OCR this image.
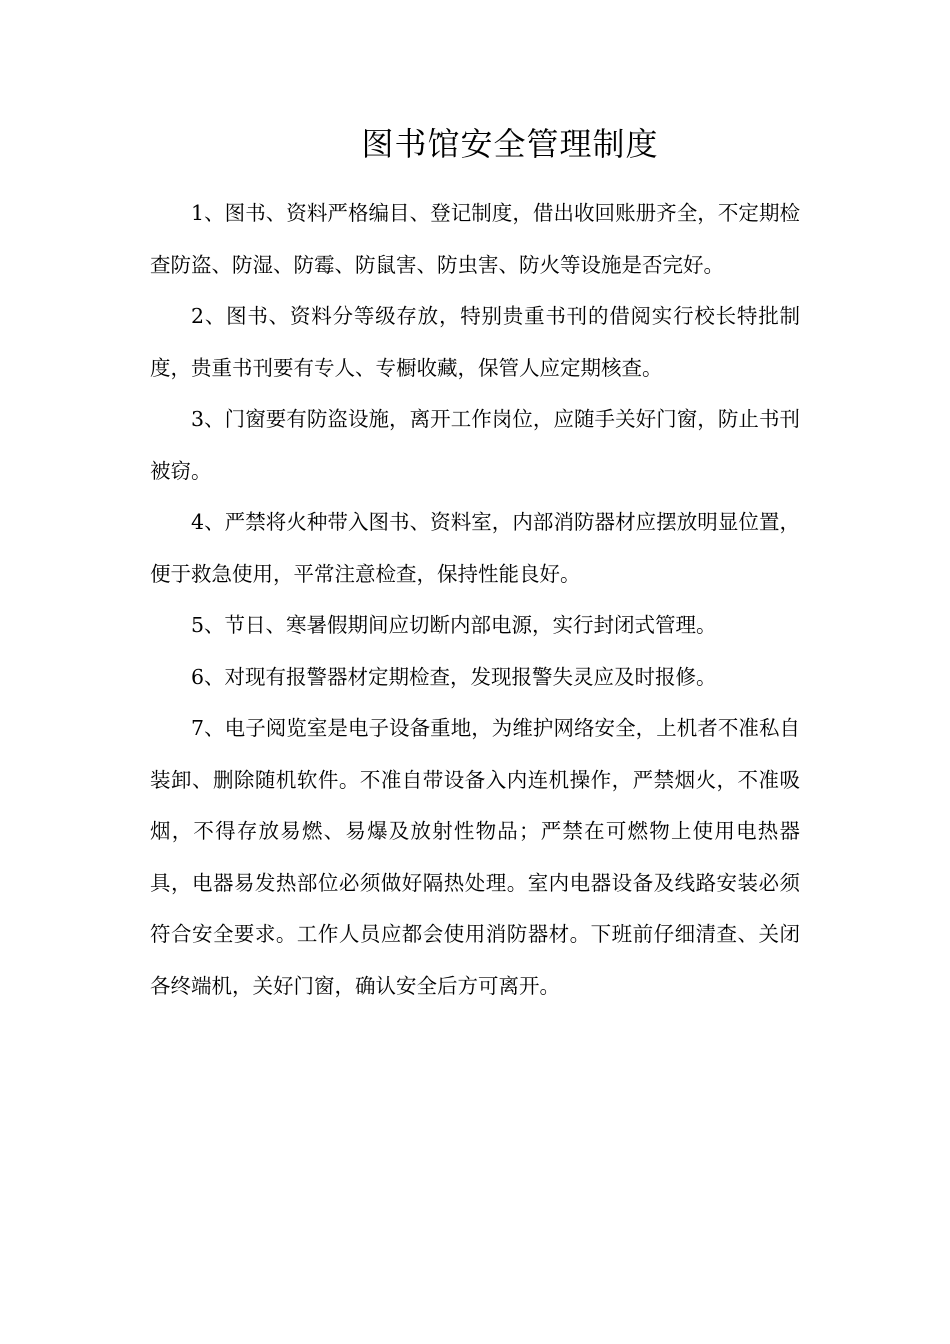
图书馆安全管理制度

1、图书、资料严格编目、登记制度，借出收回账册齐全，不定期检查防盗、防湿、防霉、防鼠害、防虫害、防火等设施是否完好。

2、图书、资料分等级存放，特别贵重书刊的借阅实行校长特批制度，贵重书刊要有专人、专橱收藏，保管人应定期核查。

3、门窗要有防盗设施，离开工作岗位，应随手关好门窗，防止书刊被窃。

4、严禁将火种带入图书、资料室，内部消防器材应摆放明显位置，便于救急使用，平常注意检查，保持性能良好。

5、节日、寒暑假期间应切断内部电源，实行封闭式管理。

6、对现有报警器材定期检查，发现报警失灵应及时报修。

7、电子阅览室是电子设备重地，为维护网络安全，上机者不准私自装卸、删除随机软件。不准自带设备入内连机操作，严禁烟火，不准吸烟，不得存放易燃、易爆及放射性物品；严禁在可燃物上使用电热器具，电器易发热部位必须做好隔热处理。室内电器设备及线路安装必须符合安全要求。工作人员应都会使用消防器材。下班前仔细清查、关闭各终端机，关好门窗，确认安全后方可离开。
